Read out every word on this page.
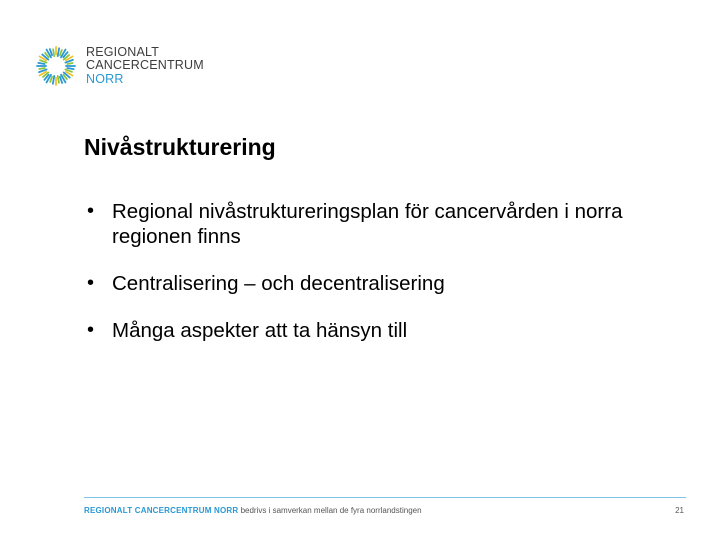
REGIONALT
CANCERCENTRUM
NORR
Nivåstrukturering
• Regional nivåstruktureringsplan för cancervården i norra regionen finns
• Centralisering – och decentralisering
• Många aspekter att ta hänsyn till
REGIONALT CANCERCENTRUM NORR bedrivs i samverkan mellan de fyra norrlandstingen	21
